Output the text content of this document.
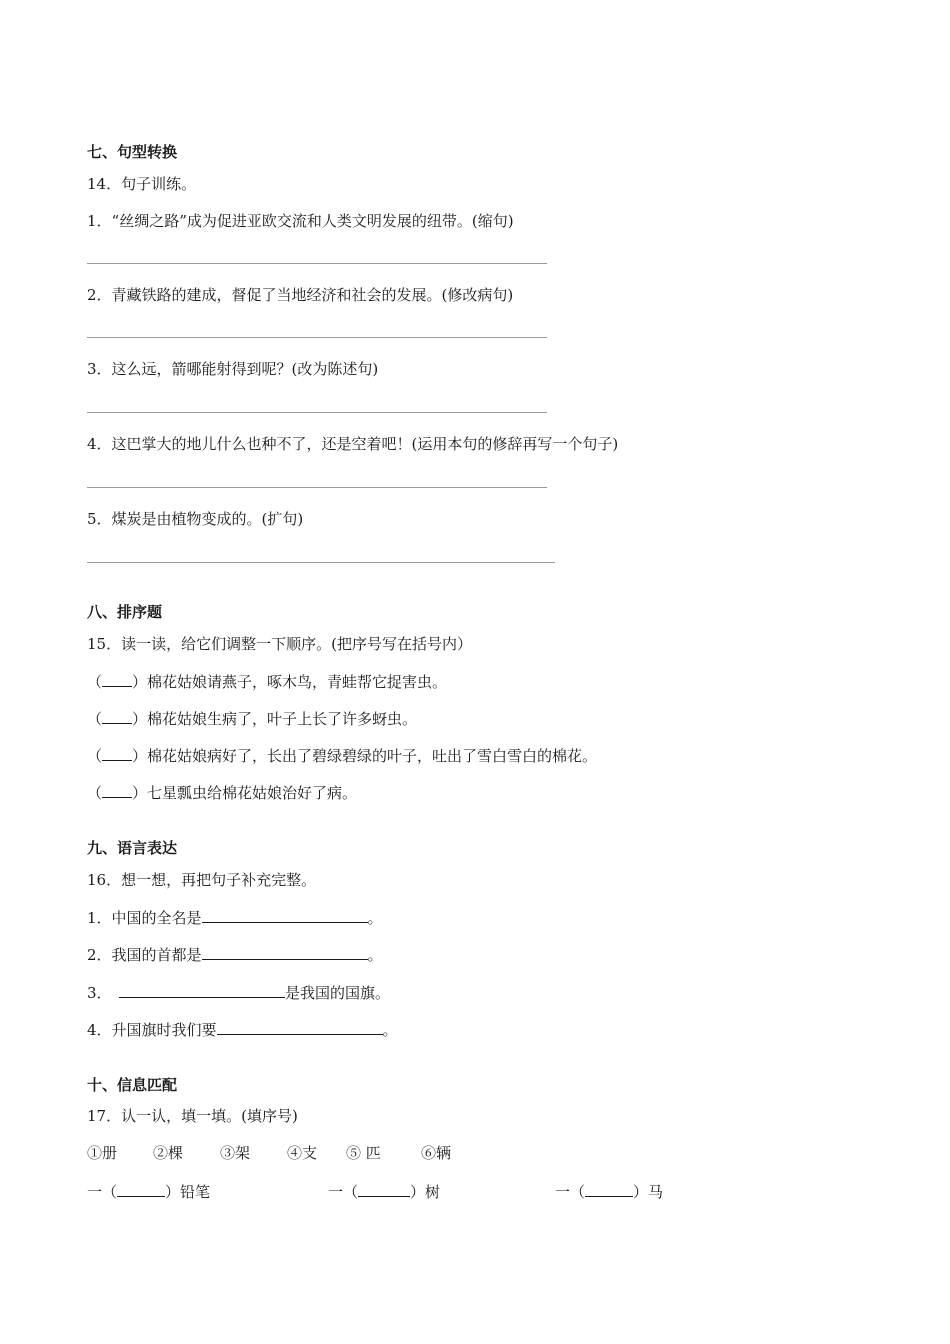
七、句型转换
14．句子训练。
1．“丝绸之路”成为促进亚欧交流和人类文明发展的纽带。(缩句)
2．青藏铁路的建成，督促了当地经济和社会的发展。(修改病句)
3．这么远，箭哪能射得到呢？(改为陈述句)
4．这巴掌大的地儿什么也种不了，还是空着吧！(运用本句的修辞再写一个句子)
5．煤炭是由植物变成的。(扩句)
八、排序题
15．读一读，给它们调整一下顺序。(把序号写在括号内）
（ ）棉花姑娘请燕子，啄木鸟，青蛙帮它捉害虫。
（ ）棉花姑娘生病了，叶子上长了许多蚜虫。
（ ）棉花姑娘病好了，长出了碧绿碧绿的叶子，吐出了雪白雪白的棉花。
（ ）七星瓢虫给棉花姑娘治好了病。
九、语言表达
16．想一想，再把句子补充完整。
1．中国的全名是	。
2．我国的首都是	。
3．　	是我国的国旗。
4．升国旗时我们要	。
十、信息匹配
17．认一认，填一填。(填序号)
①册 ②棵 ③架 ④支 ⑤ 匹	⑥辆
一（	）铅笔	一（	）树	一（	）马
